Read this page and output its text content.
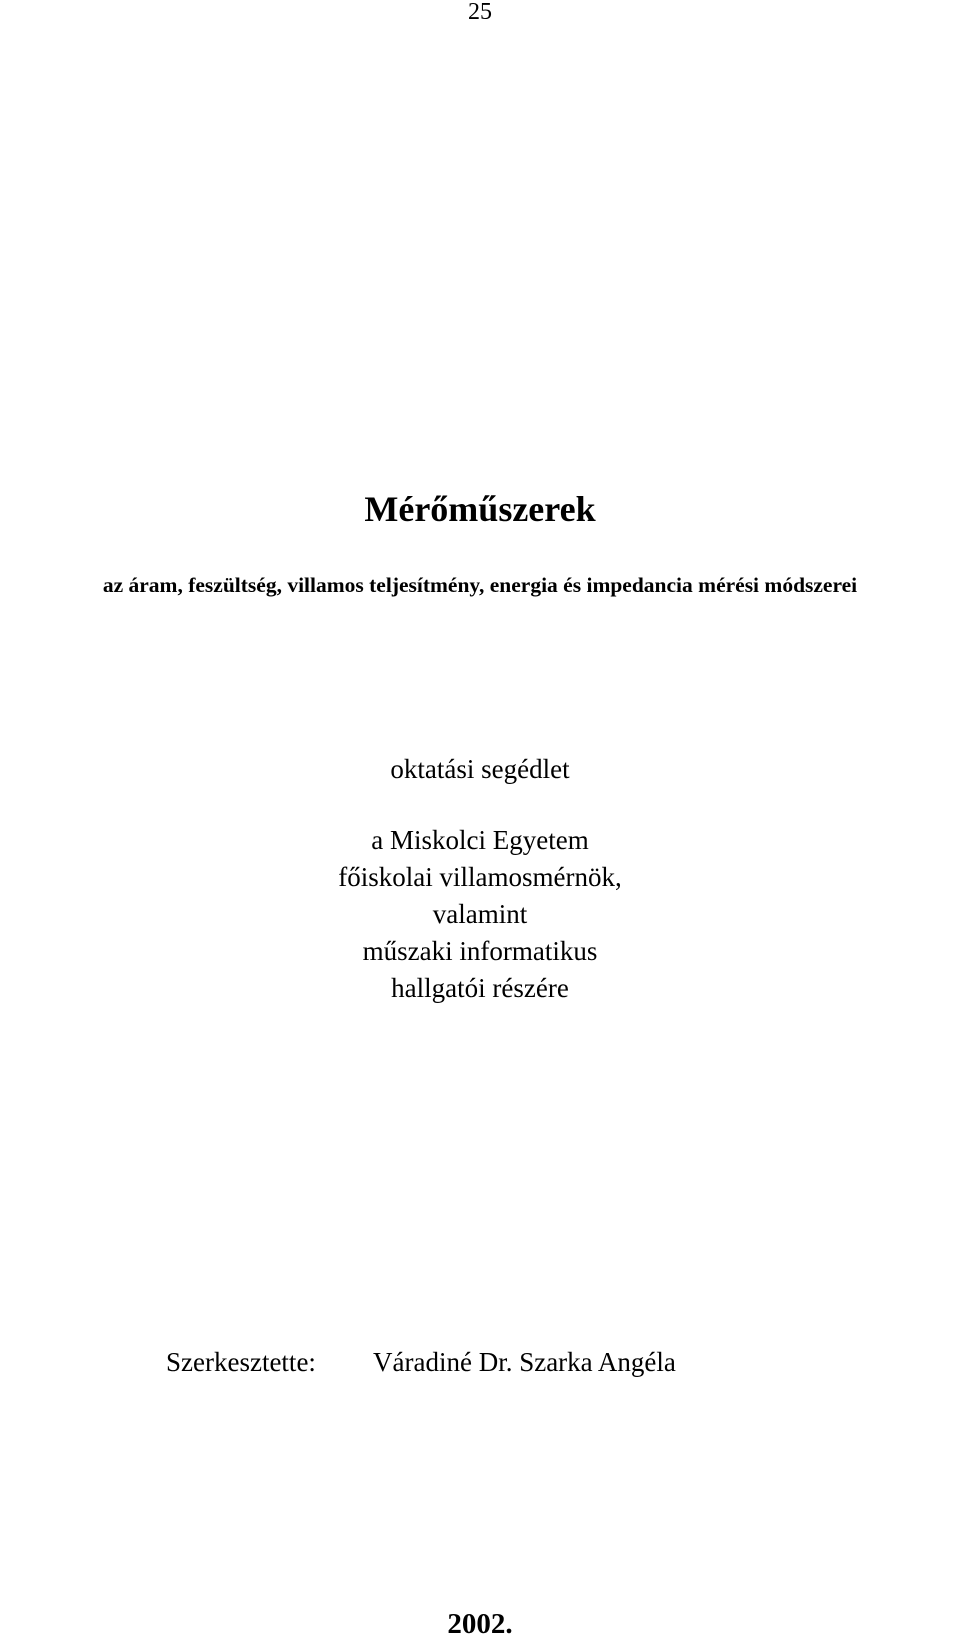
25
Mérőműszerek
az áram, feszültség, villamos teljesítmény, energia és impedancia mérési módszerei
oktatási segédlet
a Miskolci Egyetem
főiskolai villamosmérnök,
valamint
műszaki informatikus
hallgatói részére
Szerkesztette: Váradiné Dr. Szarka Angéla
2002.
